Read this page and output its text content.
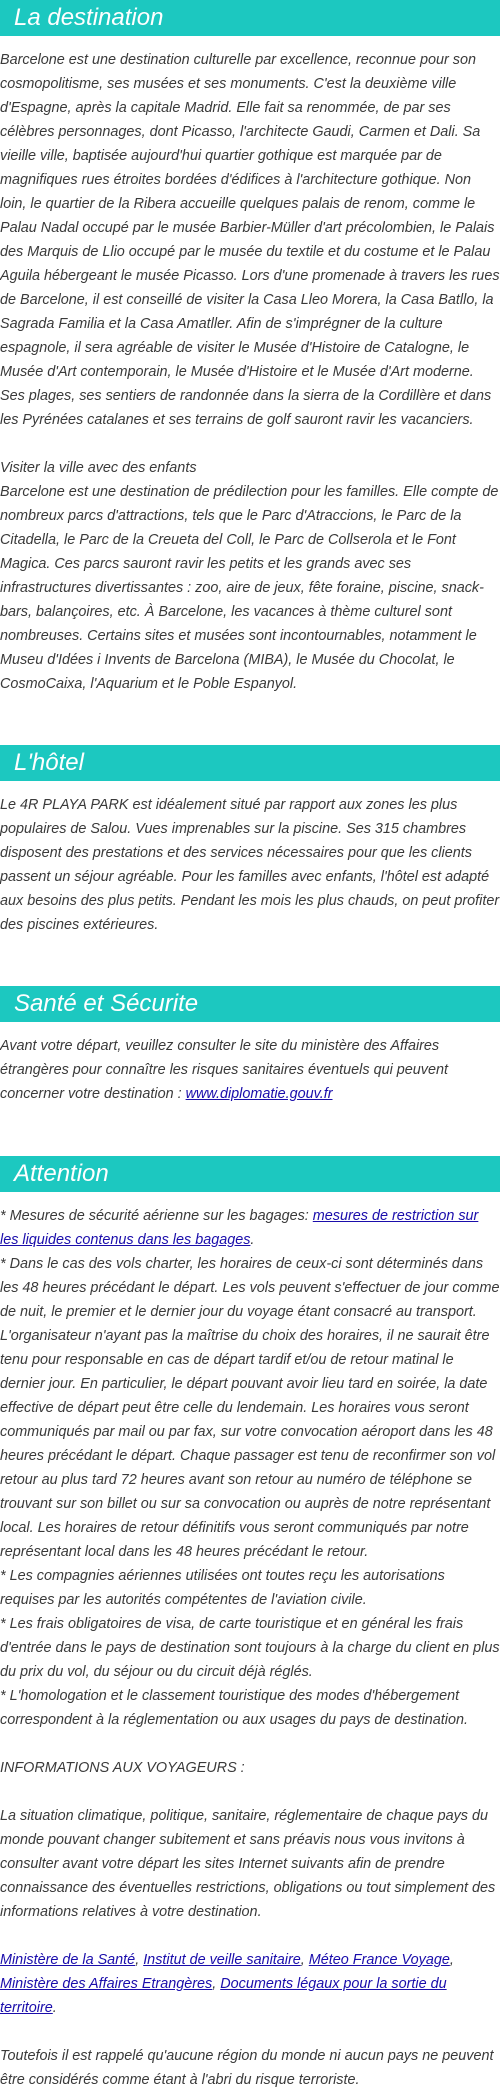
La destination

Barcelone est une destination culturelle par excellence, reconnue pour son cosmopolitisme, ses musées et ses monuments. C'est la deuxième ville d'Espagne, après la capitale Madrid. Elle fait sa renommée, de par ses célèbres personnages, dont Picasso, l'architecte Gaudi, Carmen et Dali. Sa vieille ville, baptisée aujourd'hui quartier gothique est marquée par de magnifiques rues étroites bordées d'édifices à l'architecture gothique. Non loin, le quartier de la Ribera accueille quelques palais de renom, comme le Palau Nadal occupé par le musée Barbier-Müller d'art précolombien, le Palais des Marquis de Llio occupé par le musée du textile et du costume et le Palau Aguila hébergeant le musée Picasso. Lors d'une promenade à travers les rues de Barcelone, il est conseillé de visiter la Casa Lleo Morera, la Casa Batllo, la Sagrada Familia et la Casa Amatller. Afin de s'imprégner de la culture espagnole, il sera agréable de visiter le Musée d'Histoire de Catalogne, le Musée d'Art contemporain, le Musée d'Histoire et le Musée d'Art moderne. Ses plages, ses sentiers de randonnée dans la sierra de la Cordillère et dans les Pyrénées catalanes et ses terrains de golf sauront ravir les vacanciers.

Visiter la ville avec des enfants

Barcelone est une destination de prédilection pour les familles. Elle compte de nombreux parcs d'attractions, tels que le Parc d'Atraccions, le Parc de la Citadella, le Parc de la Creueta del Coll, le Parc de Collserola et le Font Magica. Ces parcs sauront ravir les petits et les grands avec ses infrastructures divertissantes : zoo, aire de jeux, fête foraine, piscine, snack-bars, balançoires, etc. À Barcelone, les vacances à thème culturel sont nombreuses. Certains sites et musées sont incontournables, notamment le Museu d'Idées i Invents de Barcelona (MIBA), le Musée du Chocolat, le CosmoCaixa, l'Aquarium et le Poble Espanyol.

L'hôtel

Le 4R PLAYA PARK est idéalement situé par rapport aux zones les plus populaires de Salou. Vues imprenables sur la piscine. Ses 315 chambres disposent des prestations et des services nécessaires pour que les clients passent un séjour agréable. Pour les familles avec enfants, l'hôtel est adapté aux besoins des plus petits. Pendant les mois les plus chauds, on peut profiter des piscines extérieures.

Santé et Sécurite

Avant votre départ, veuillez consulter le site du ministère des Affaires étrangères pour connaître les risques sanitaires éventuels qui peuvent concerner votre destination : www.diplomatie.gouv.fr

Attention

* Mesures de sécurité aérienne sur les bagages: mesures de restriction sur les liquides contenus dans les bagages.

* Dans le cas des vols charter, les horaires de ceux-ci sont déterminés dans les 48 heures précédant le départ. Les vols peuvent s'effectuer de jour comme de nuit, le premier et le dernier jour du voyage étant consacré au transport. L'organisateur n'ayant pas la maîtrise du choix des horaires, il ne saurait être tenu pour responsable en cas de départ tardif et/ou de retour matinal le dernier jour. En particulier, le départ pouvant avoir lieu tard en soirée, la date effective de départ peut être celle du lendemain. Les horaires vous seront communiqués par mail ou par fax, sur votre convocation aéroport dans les 48 heures précédant le départ. Chaque passager est tenu de reconfirmer son vol retour au plus tard 72 heures avant son retour au numéro de téléphone se trouvant sur son billet ou sur sa convocation ou auprès de notre représentant local. Les horaires de retour définitifs vous seront communiqués par notre représentant local dans les 48 heures précédant le retour.

* Les compagnies aériennes utilisées ont toutes reçu les autorisations requises par les autorités compétentes de l'aviation civile.

* Les frais obligatoires de visa, de carte touristique et en général les frais d'entrée dans le pays de destination sont toujours à la charge du client en plus du prix du vol, du séjour ou du circuit déjà réglés.

* L'homologation et le classement touristique des modes d'hébergement correspondent à la réglementation ou aux usages du pays de destination.

INFORMATIONS AUX VOYAGEURS :

La situation climatique, politique, sanitaire, réglementaire de chaque pays du monde pouvant changer subitement et sans préavis nous vous invitons à consulter avant votre départ les sites Internet suivants afin de prendre connaissance des éventuelles restrictions, obligations ou tout simplement des informations relatives à votre destination.

Ministère de la Santé, Institut de veille sanitaire, Méteo France Voyage, Ministère des Affaires Etrangères, Documents légaux pour la sortie du territoire.

Toutefois il est rappelé qu'aucune région du monde ni aucun pays ne peuvent être considérés comme étant à l'abri du risque terroriste.
